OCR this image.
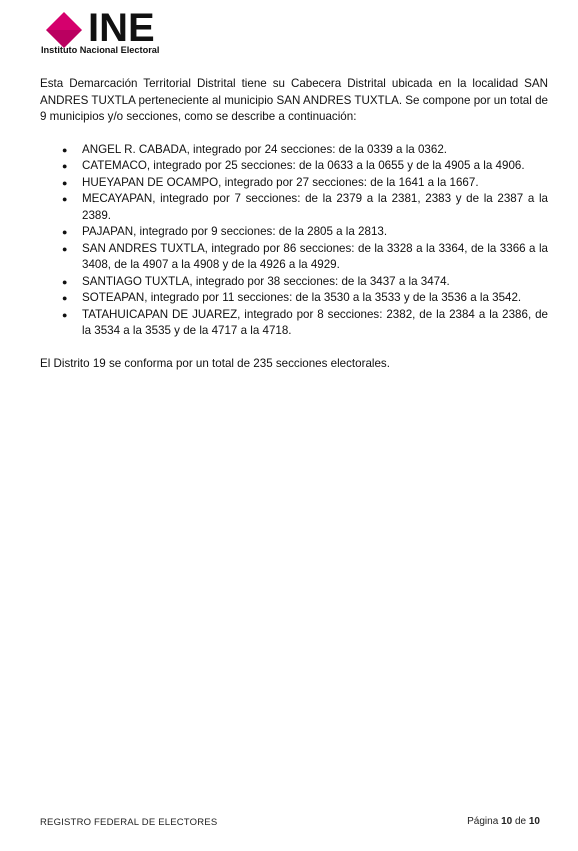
INE
Instituto Nacional Electoral

Esta Demarcación Territorial Distrital tiene su Cabecera Distrital ubicada en la localidad SAN ANDRES TUXTLA perteneciente al municipio SAN ANDRES TUXTLA. Se compone por un total de 9 municipios y/o secciones, como se describe a continuación:

● ANGEL R. CABADA, integrado por 24 secciones: de la 0339 a la 0362.
● CATEMACO, integrado por 25 secciones: de la 0633 a la 0655 y de la 4905 a la 4906.
● HUEYAPAN DE OCAMPO, integrado por 27 secciones: de la 1641 a la 1667.
● MECAYAPAN, integrado por 7 secciones: de la 2379 a la 2381, 2383 y de la 2387 a la 2389.
● PAJAPAN, integrado por 9 secciones: de la 2805 a la 2813.
● SAN ANDRES TUXTLA, integrado por 86 secciones: de la 3328 a la 3364, de la 3366 a la 3408, de la 4907 a la 4908 y de la 4926 a la 4929.
● SANTIAGO TUXTLA, integrado por 38 secciones: de la 3437 a la 3474.
● SOTEAPAN, integrado por 11 secciones: de la 3530 a la 3533 y de la 3536 a la 3542.
● TATAHUICAPAN DE JUAREZ, integrado por 8 secciones: 2382, de la 2384 a la 2386, de la 3534 a la 3535 y de la 4717 a la 4718.

El Distrito 19 se conforma por un total de 235 secciones electorales.

REGISTRO FEDERAL DE ELECTORES	Página 10 de 10
